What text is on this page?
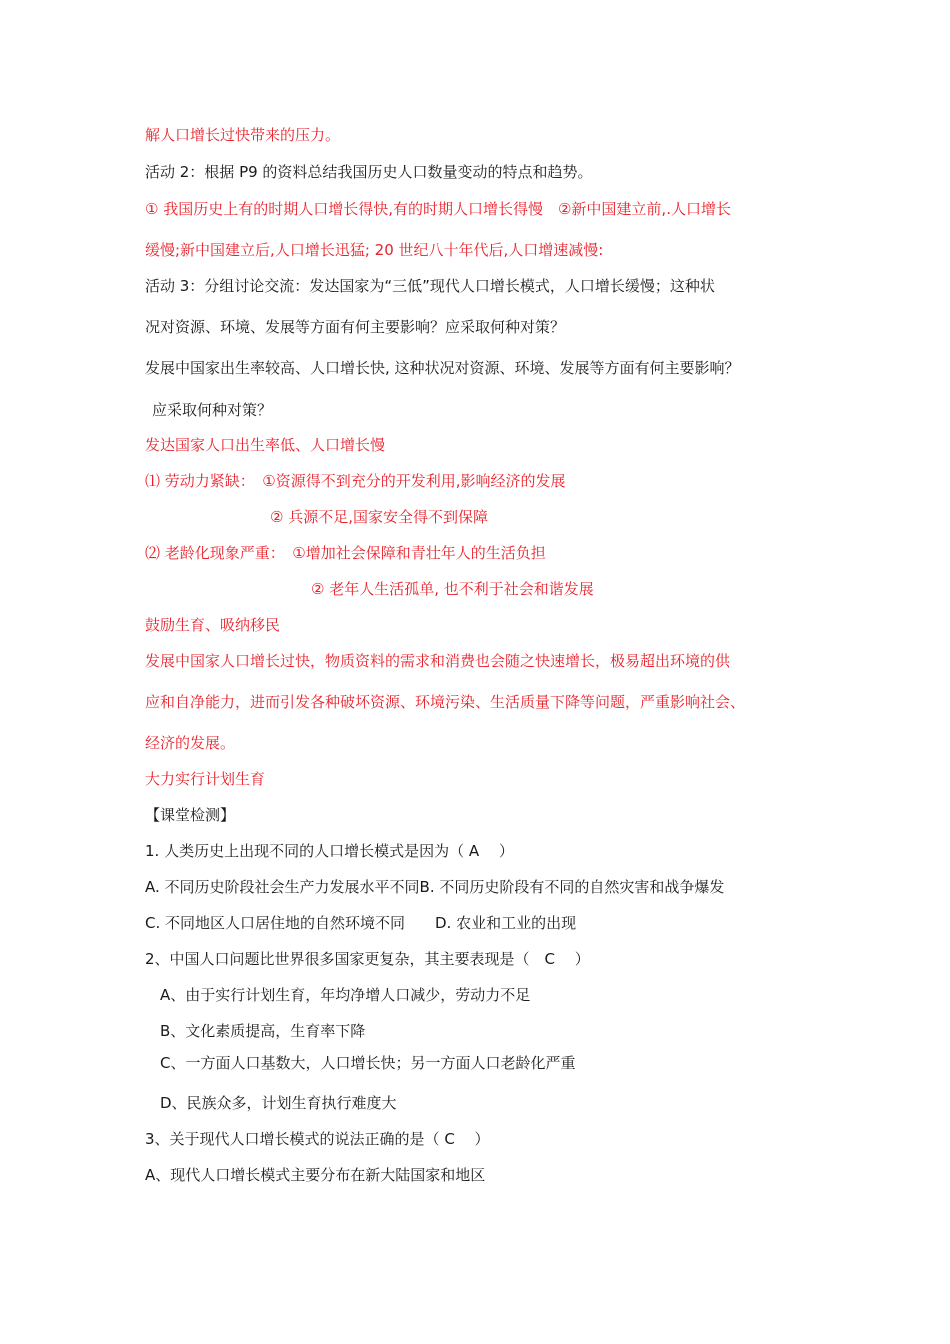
解人口增长过快带来的压力。
活动 2：根据 P9 的资料总结我国历史人口数量变动的特点和趋势。
① 我国历史上有的时期人口增长得快,有的时期人口增长得慢　②新中国建立前,.人口增长
缓慢;新中国建立后,人口增长迅猛; 20 世纪八十年代后,人口增速减慢:
活动 3：分组讨论交流：发达国家为“三低”现代人口增长模式，人口增长缓慢；这种状
况对资源、环境、发展等方面有何主要影响？应采取何种对策？
发展中国家出生率较高、人口增长快, 这种状况对资源、环境、发展等方面有何主要影响？
应采取何种对策？
发达国家人口出生率低、人口增长慢
⑴ 劳动力紧缺：　①资源得不到充分的开发利用,影响经济的发展
② 兵源不足,国家安全得不到保障
⑵ 老龄化现象严重：　①增加社会保障和青壮年人的生活负担
② 老年人生活孤单, 也不利于社会和谐发展
鼓励生育、吸纳移民
发展中国家人口增长过快，物质资料的需求和消费也会随之快速增长，极易超出环境的供
应和自净能力，进而引发各种破坏资源、环境污染、生活质量下降等问题，严重影响社会、
经济的发展。
大力实行计划生育
【课堂检测】
1. 人类历史上出现不同的人口增长模式是因为（ A 　）
A. 不同历史阶段社会生产力发展水平不同B. 不同历史阶段有不同的自然灾害和战争爆发
C. 不同地区人口居住地的自然环境不同　　D. 农业和工业的出现
2、中国人口问题比世界很多国家更复杂，其主要表现是（　C　 ）
A、由于实行计划生育，年均净增人口减少，劳动力不足
B、文化素质提高，生育率下降
C、一方面人口基数大，人口增长快；另一方面人口老龄化严重
D、民族众多，计划生育执行难度大
3、关于现代人口增长模式的说法正确的是（ C　 ）
A、现代人口增长模式主要分布在新大陆国家和地区
